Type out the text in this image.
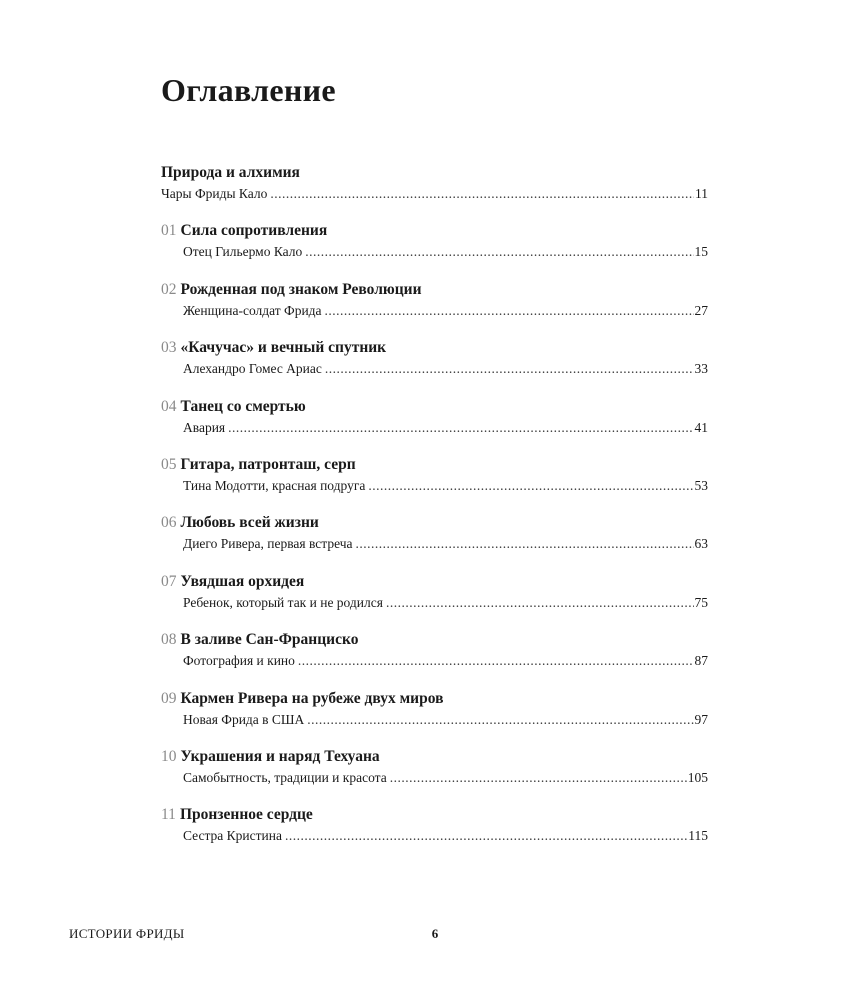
Оглавление
Природа и алхимия
Чары Фриды Кало .....	11
01 Сила сопротивления
Отец Гильермо Кало .....	15
02 Рожденная под знаком Революции
Женщина-солдат Фрида .....	27
03 «Качучас» и вечный спутник
Алехандро Гомес Ариас .....	33
04 Танец со смертью
Авария .....	41
05 Гитара, патронташ, серп
Тина Модотти, красная подруга .....	53
06 Любовь всей жизни
Диего Ривера, первая встреча .....	63
07 Увядшая орхидея
Ребенок, который так и не родился .....	75
08 В заливе Сан-Франциско
Фотография и кино .....	87
09 Кармен Ривера на рубеже двух миров
Новая Фрида в США .....	97
10 Украшения и наряд Техуана
Самобытность, традиции и красота .....	105
11 Пронзенное сердце
Сестра Кристина .....	115
ИСТОРИИ ФРИДЫ	6
